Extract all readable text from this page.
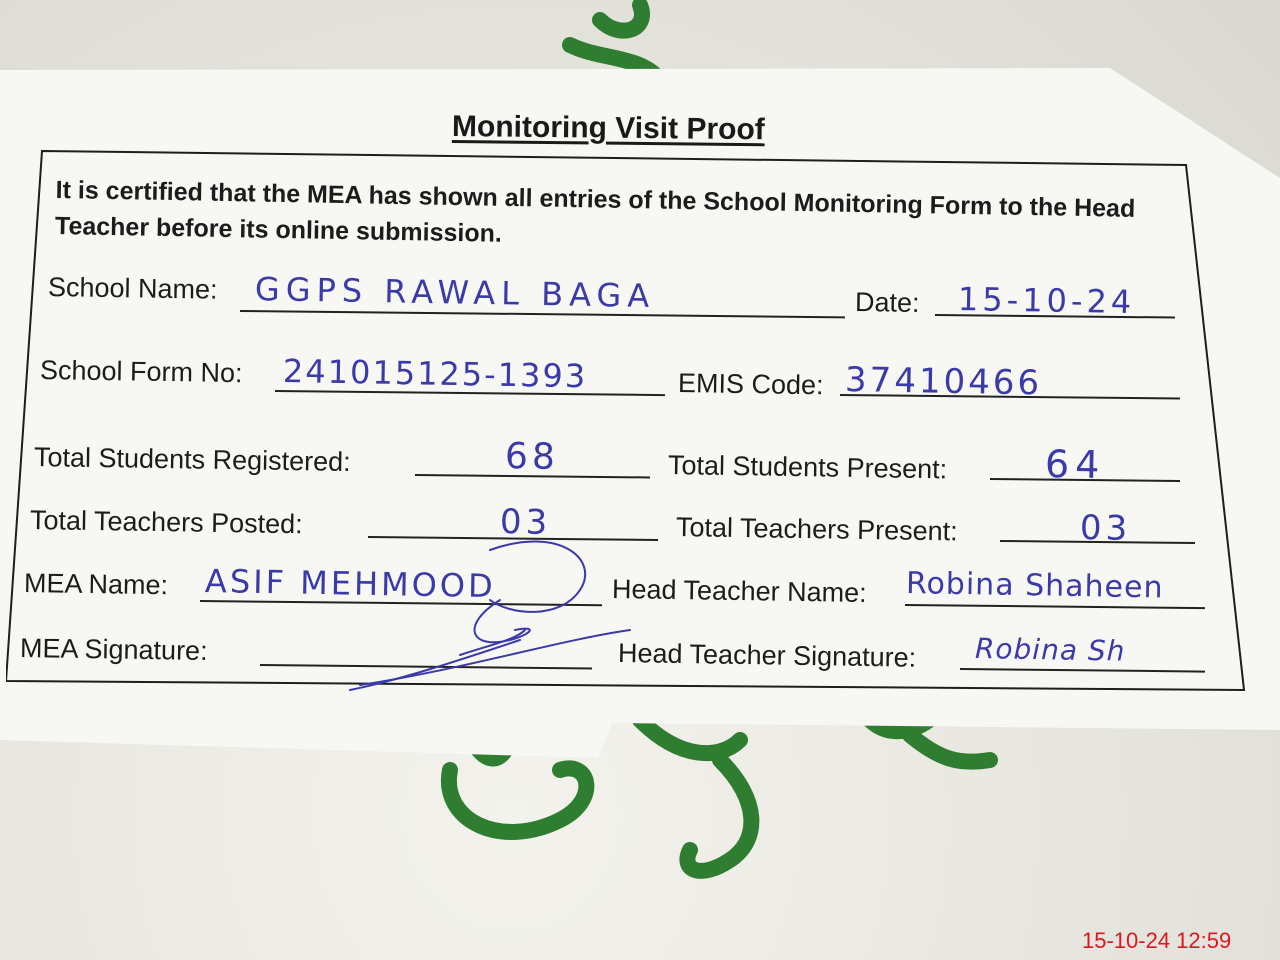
Monitoring Visit Proof
It is certified that the MEA has shown all entries of the School Monitoring Form to the Head Teacher before its online submission.
School Name: GGPS RAWAL BAGA	Date: 15-10-24
School Form No: 241015125-1393	EMIS Code: 37410466
Total Students Registered:	68	Total Students Present:	64
Total Teachers Posted:	03	Total Teachers Present:	03
MEA Name: ASIF MEHMOOD	Head Teacher Name: Robina Shaheen
MEA Signature:	Head Teacher Signature: Robina Sh
15-10-24 12:59
